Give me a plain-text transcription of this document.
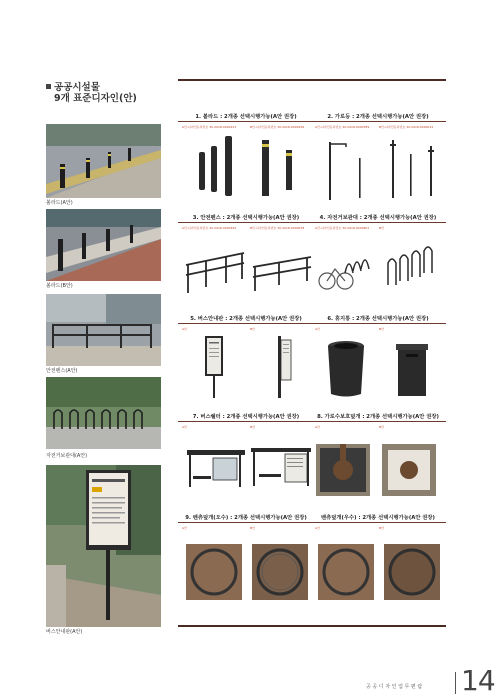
공공시설물
9개 표준디자인(안)
볼라드(A안)
볼라드(B안)
안전펜스(A안)
자전거보관대(A안)
버스안내판(A안)
1. 볼라드 : 2개종 선택시행가능(A안 권장)	2. 가로등 : 2개종 선택시행가능(A안 권장)
A안-디자인등록번호 30-2018-0000123	B안-디자인등록번호 30-2018-0000456	A안-디자인등록번호 30-2018-0000789	B안-디자인등록번호 30-2018-0000012
3. 안전펜스 : 2개종 선택시행가능(A안 권장)	4. 자전거보관대 : 2개종 선택시행가능(A안 권장)
A안-디자인등록번호 30-2018-0000345	B안-디자인등록번호 30-2018-0000678	A안-디자인등록번호 30-2018-0000901	B안
5. 버스안내판 : 2개종 선택시행가능(A안 권장)	6. 휴지통 : 2개종 선택시행가능(A안 권장)
A안	B안	A안	B안
7. 버스쉘터 : 2개종 선택시행가능(A안 권장)	8. 가로수보호덮개 : 2개종 선택시행가능(A안 권장)
A안	B안	A안	B안
9. 벤츄덮개(오수) : 2개종 선택시행가능(A안 권장)	벤츄덮개(우수) : 2개종 선택시행가능(A안 권장)
A안	B안	A안	B안
공 공 디 자 인 업 무 편 람 14
